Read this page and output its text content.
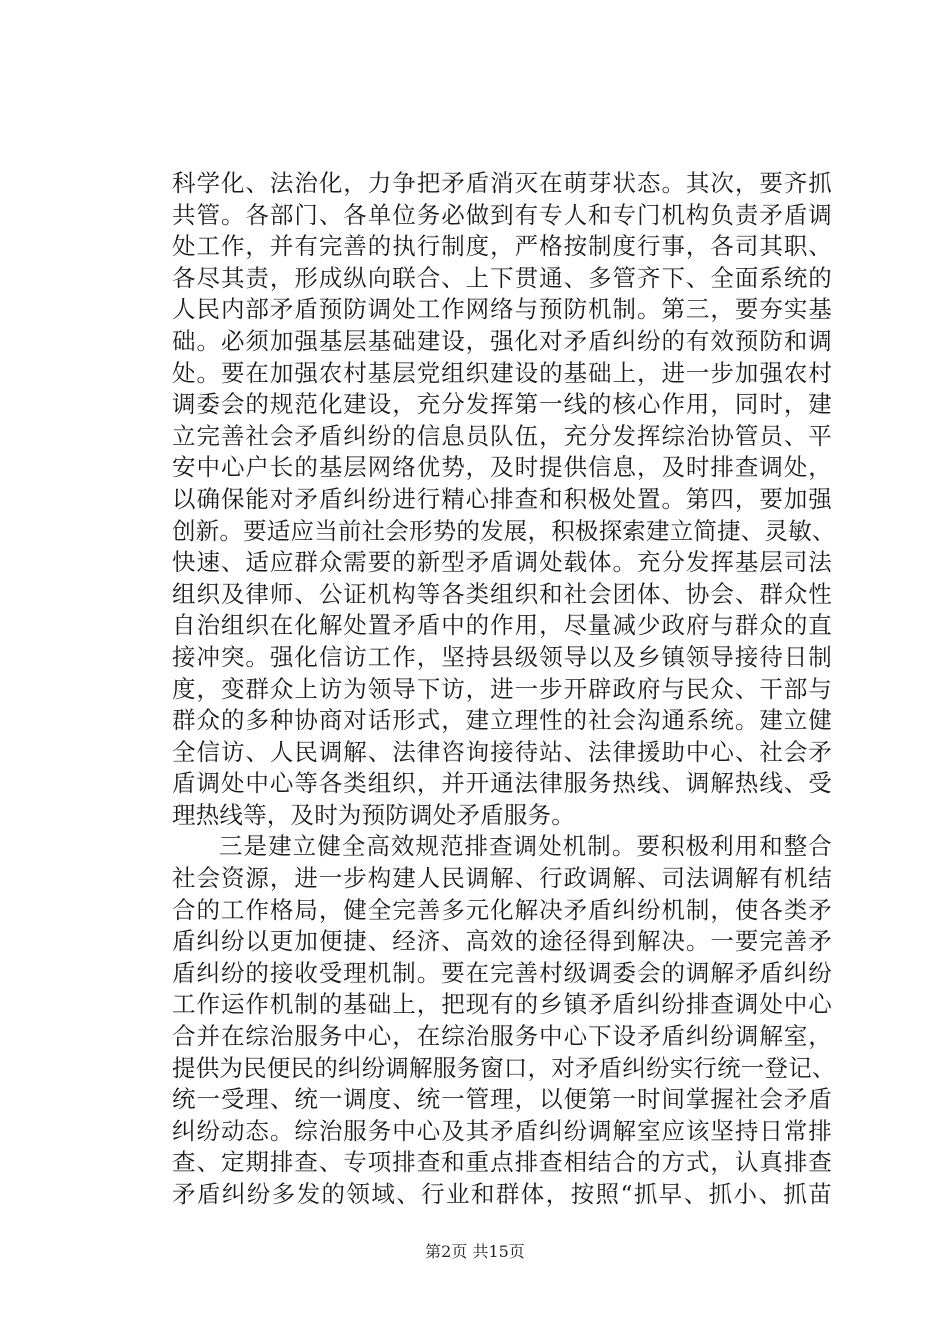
科学化、法治化，力争把矛盾消灭在萌芽状态。其次，要齐抓
共管。各部门、各单位务必做到有专人和专门机构负责矛盾调
处工作，并有完善的执行制度，严格按制度行事，各司其职、
各尽其责，形成纵向联合、上下贯通、多管齐下、全面系统的
人民内部矛盾预防调处工作网络与预防机制。第三，要夯实基
础。必须加强基层基础建设，强化对矛盾纠纷的有效预防和调
处。要在加强农村基层党组织建设的基础上，进一步加强农村
调委会的规范化建设，充分发挥第一线的核心作用，同时，建
立完善社会矛盾纠纷的信息员队伍，充分发挥综治协管员、平
安中心户长的基层网络优势，及时提供信息，及时排查调处，
以确保能对矛盾纠纷进行精心排查和积极处置。第四，要加强
创新。要适应当前社会形势的发展，积极探索建立简捷、灵敏、
快速、适应群众需要的新型矛盾调处载体。充分发挥基层司法
组织及律师、公证机构等各类组织和社会团体、协会、群众性
自治组织在化解处置矛盾中的作用，尽量减少政府与群众的直
接冲突。强化信访工作，坚持县级领导以及乡镇领导接待日制
度，变群众上访为领导下访，进一步开辟政府与民众、干部与
群众的多种协商对话形式，建立理性的社会沟通系统。建立健
全信访、人民调解、法律咨询接待站、法律援助中心、社会矛
盾调处中心等各类组织，并开通法律服务热线、调解热线、受
理热线等，及时为预防调处矛盾服务。
三是建立健全高效规范排查调处机制。要积极利用和整合
社会资源，进一步构建人民调解、行政调解、司法调解有机结
合的工作格局，健全完善多元化解决矛盾纠纷机制，使各类矛
盾纠纷以更加便捷、经济、高效的途径得到解决。一要完善矛
盾纠纷的接收受理机制。要在完善村级调委会的调解矛盾纠纷
工作运作机制的基础上，把现有的乡镇矛盾纠纷排查调处中心
合并在综治服务中心，在综治服务中心下设矛盾纠纷调解室，
提供为民便民的纠纷调解服务窗口，对矛盾纠纷实行统一登记、
统一受理、统一调度、统一管理，以便第一时间掌握社会矛盾
纠纷动态。综治服务中心及其矛盾纠纷调解室应该坚持日常排
查、定期排查、专项排查和重点排查相结合的方式，认真排查
矛盾纠纷多发的领域、行业和群体，按照“抓早、抓小、抓苗
第2页 共15页
